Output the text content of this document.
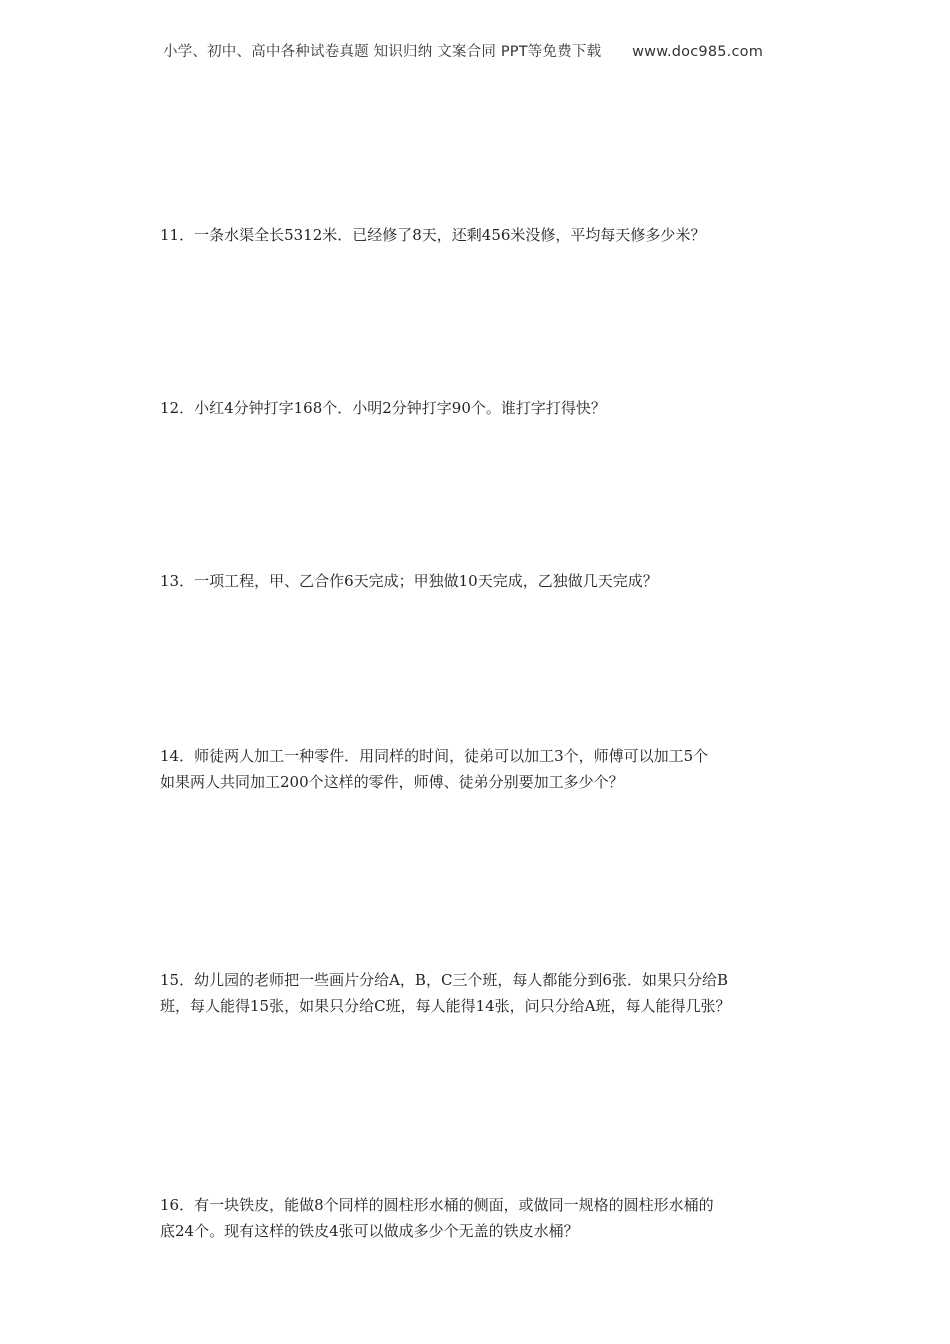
小学、初中、高中各种试卷真题 知识归纳 文案合同 PPT等免费下载 www.doc985.com

11．一条水渠全长5312米．已经修了8天，还剩456米没修，平均每天修多少米？

12．小红4分钟打字168个．小明2分钟打字90个。谁打字打得快？

13．一项工程，甲、乙合作6天完成；甲独做10天完成，乙独做几天完成？

14．师徒两人加工一种零件．用同样的时间，徒弟可以加工3个，师傅可以加工5个

如果两人共同加工200个这样的零件，师傅、徒弟分别要加工多少个？

15．幼儿园的老师把一些画片分给A，B，C三个班，每人都能分到6张．如果只分给B

班，每人能得15张，如果只分给C班，每人能得14张，问只分给A班，每人能得几张？

16．有一块铁皮，能做8个同样的圆柱形水桶的侧面，或做同一规格的圆柱形水桶的

底24个。现有这样的铁皮4张可以做成多少个无盖的铁皮水桶？
